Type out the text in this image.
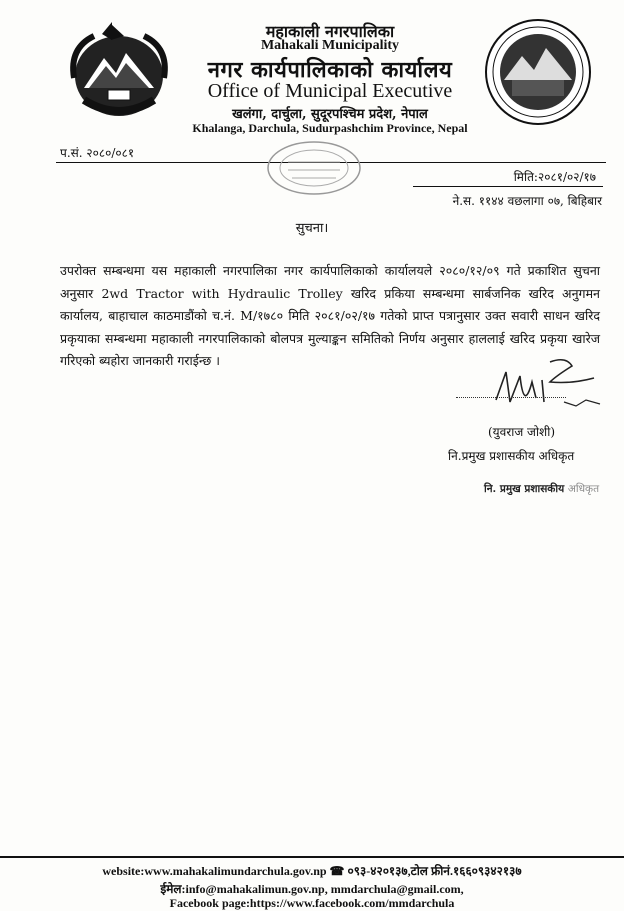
महाकाली नगरपालिका
Mahakali Municipality
नगर कार्यपालिकाको कार्यालय
Office of Municipal Executive
खलंगा, दार्चुला, सुदूरपश्चिम प्रदेश, नेपाल
Khalanga, Darchula, Sudurpashchim Province, Nepal
प.सं. २०८०/०८१
मिति:२०८१/०२/१७
ने.स. ११४४ वछलागा ०७, बिहिबार
सुचना।
उपरोक्त सम्बन्धमा यस महाकाली नगरपालिका नगर कार्यपालिकाको कार्यालयले २०८०/१२/०९ गते प्रकाशित सुचना अनुसार 2wd Tractor with Hydraulic Trolley खरिद प्रकिया सम्बन्धमा सार्बजनिक खरिद अनुगमन कार्यालय, बाहाचाल काठमाडौंको च.नं. M/१७८० मिति २०८१/०२/१७ गतेको प्राप्त पत्रानुसार उक्त सवारी साधन खरिद प्रकृयाका सम्बन्धमा महाकाली नगरपालिकाको बोलपत्र मुल्याङ्कन समितिको निर्णय अनुसार हाललाई खरिद प्रकृया खारेज गरिएको ब्यहोरा जानकारी गराईन्छ ।
(युवराज जोशी)
नि.प्रमुख प्रशासकीय अधिकृत
नि. प्रमुख प्रशासकीय अधिकृत
website:www.mahakalimundarchula.gov.np ☎ ०९३-४२०१३७,टोल फ्रीनं.१६६०९३४२१३७
ईमेल:info@mahakalimun.gov.np, mmdarchula@gmail.com,
Facebook page:https://www.facebook.com/mmdarchula
